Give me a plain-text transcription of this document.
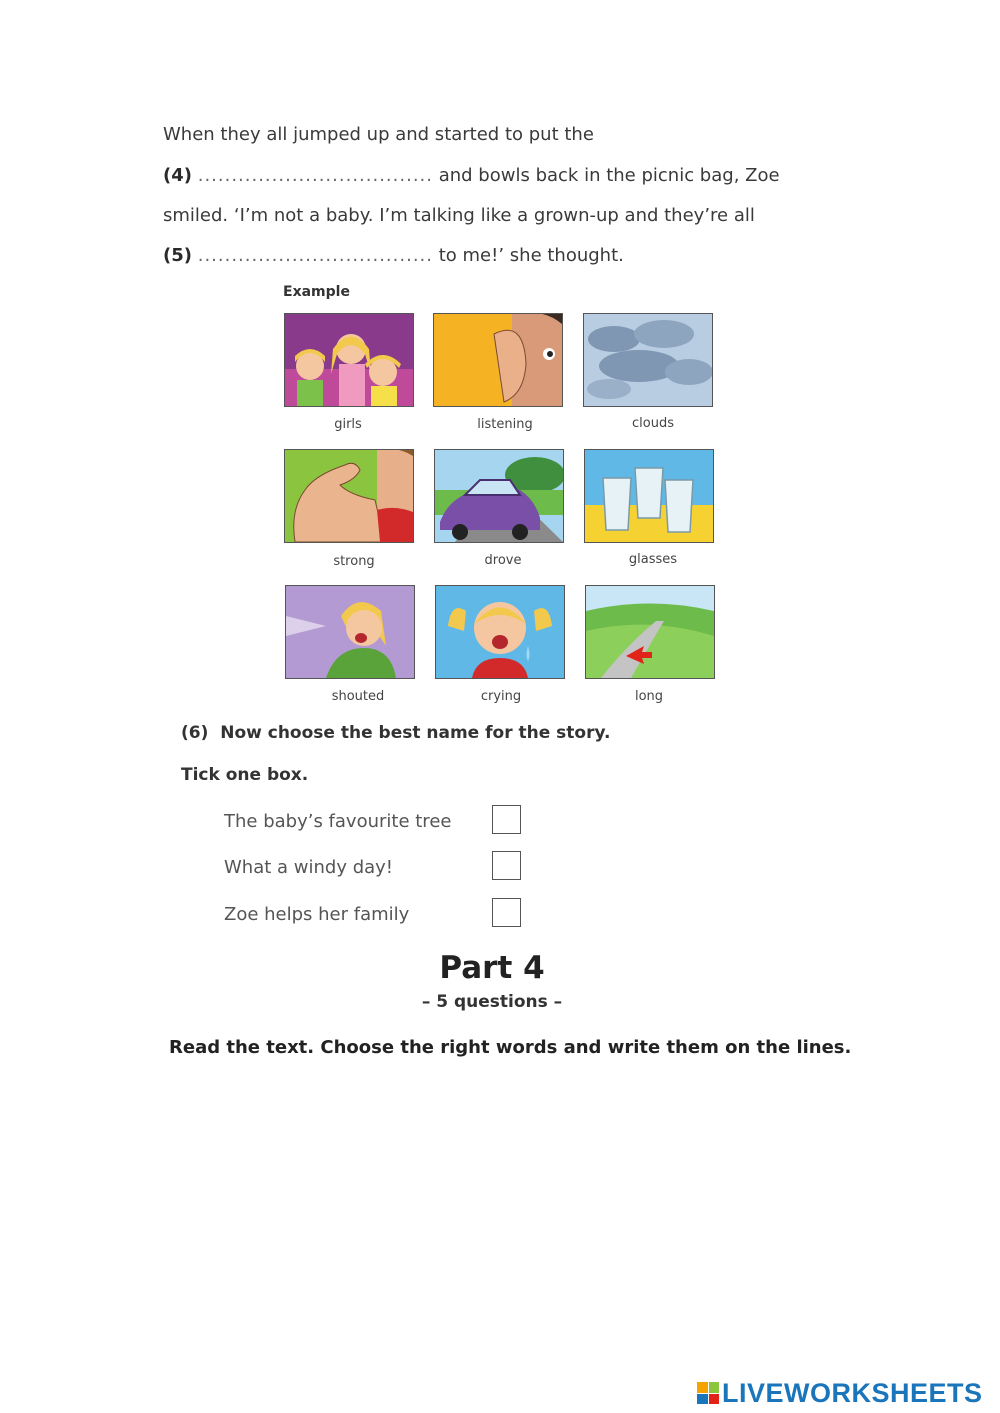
When they all jumped up and started to put the
(4) ................................... and bowls back in the picnic bag, Zoe
smiled. ‘I’m not a baby. I’m talking like a grown-up and they’re all
(5) ................................... to me!’ she thought.
Example
girls	listening	clouds
strong	drove	glasses
shouted	crying	long
(6) Now choose the best name for the story.
Tick one box.
The baby’s favourite tree
What a windy day!
Zoe helps her family
Part 4
– 5 questions –
Read the text. Choose the right words and write them on the lines.
LIVEWORKSHEETS
